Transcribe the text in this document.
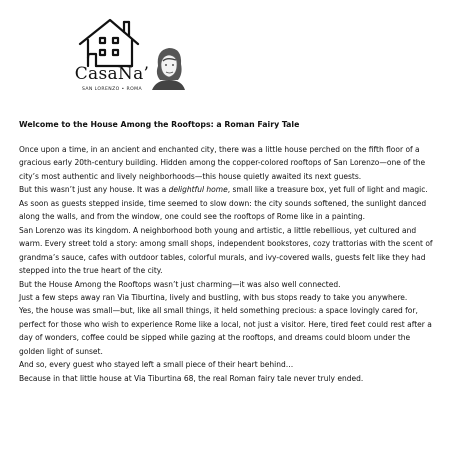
CasaNa’
SAN LORENZO • ROMA
Welcome to the House Among the Rooftops: a Roman Fairy Tale

Once upon a time, in an ancient and enchanted city, there was a little house perched on the fifth floor of a gracious early 20th-century building. Hidden among the copper-colored rooftops of San Lorenzo—one of the city’s most authentic and lively neighborhoods—this house quietly awaited its next guests.

But this wasn’t just any house. It was a delightful home, small like a treasure box, yet full of light and magic. As soon as guests stepped inside, time seemed to slow down: the city sounds softened, the sunlight danced along the walls, and from the window, one could see the rooftops of Rome like in a painting.

San Lorenzo was its kingdom. A neighborhood both young and artistic, a little rebellious, yet cultured and warm. Every street told a story: among small shops, independent bookstores, cozy trattorias with the scent of grandma’s sauce, cafes with outdoor tables, colorful murals, and ivy-covered walls, guests felt like they had stepped into the true heart of the city.

But the House Among the Rooftops wasn’t just charming—it was also well connected.

Just a few steps away ran Via Tiburtina, lively and bustling, with bus stops ready to take you anywhere.

Yes, the house was small—but, like all small things, it held something precious: a space lovingly cared for, perfect for those who wish to experience Rome like a local, not just a visitor. Here, tired feet could rest after a day of wonders, coffee could be sipped while gazing at the rooftops, and dreams could bloom under the golden light of sunset.

And so, every guest who stayed left a small piece of their heart behind…

Because in that little house at Via Tiburtina 68, the real Roman fairy tale never truly ended.
